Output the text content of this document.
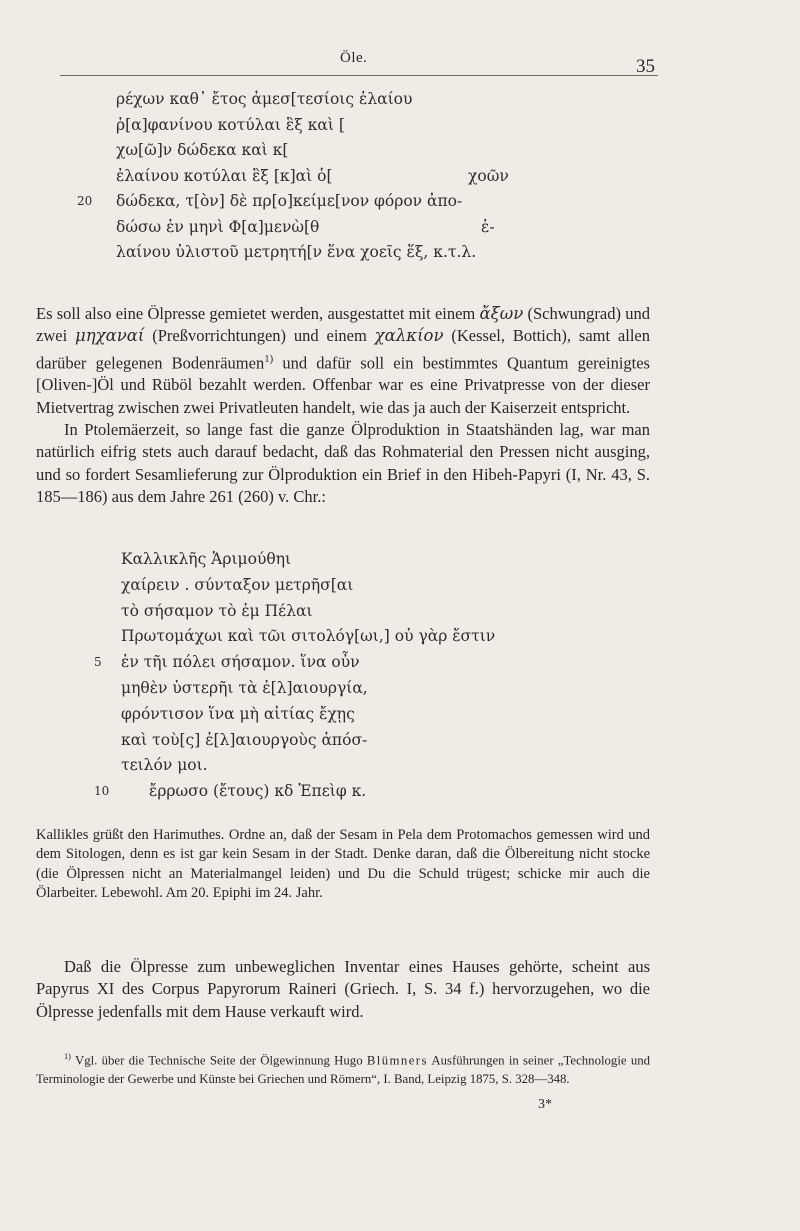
Öle.	35
ρέχων καθ᾽ ἔτος ἀμεσ[τεσίοις ἐλαίου
ῥ[α]φανίνου κοτύλαι ἓξ καὶ [
χω[ῶ]ν δώδεκα καὶ κ[
ἐλαίνου κοτύλαι ἓξ [κ]αὶ ὁ[	χοῶν
20 δώδεκα, τ[ὸν] δὲ πρ[ο]κείμε[νον φόρον ἀπο-
δώσω ἐν μηνὶ Φ[α]μενὼ[θ	ἐ-
λαίνου ὑλιστοῦ μετρητή[ν ἕνα χοεῖς ἕξ, κ.τ.λ.

Es soll also eine Ölpresse gemietet werden, ausgestattet mit einem ἄξων (Schwungrad) und zwei μηχαναί (Preßvorrichtungen) und einem χαλκίον (Kessel, Bottich), samt allen darüber gelegenen Bodenräumen$^{1)}$ und dafür soll ein bestimmtes Quantum gereinigtes [Oliven-]Öl und Rüböl bezahlt werden. Offenbar war es eine Privatpresse von der dieser Mietvertrag zwischen zwei Privatleuten handelt, wie das ja auch der Kaiserzeit entspricht.

In Ptolemäerzeit, so lange fast die ganze Ölproduktion in Staatshänden lag, war man natürlich eifrig stets auch darauf bedacht, daß das Rohmaterial den Pressen nicht ausging, und so fordert Sesamlieferung zur Ölproduktion ein Brief in den Hibeh-Papyri (I, Nr. 43, S. 185—186) aus dem Jahre 261 (260) v. Chr.:

Καλλικλῆς Ἁριμούθηι
χαίρειν . σύνταξον μετρῆσ[αι
τὸ σήσαμον τὸ ἐμ Πέλαι
Πρωτομάχωι καὶ τῶι σιτολόγ[ωι,] οὐ γὰρ ἔστιν
5 ἐν τῆι πόλει σήσαμον. ἵνα οὖν
μηθὲν ὑστερῆι τὰ ἐ[λ]αιουργία,
φρόντισον ἵνα μὴ αἰτίας ἔχῃς
καὶ τοὺ[ς] ἐ[λ]αιουργοὺς ἀπόσ-
τειλόν μοι.
10	ἔρρωσο (ἔτους) κδ Ἐπεὶφ κ.

Kallikles grüßt den Harimuthes. Ordne an, daß der Sesam in Pela dem Protomachos gemessen wird und dem Sitologen, denn es ist gar kein Sesam in der Stadt. Denke daran, daß die Ölbereitung nicht stocke (die Ölpressen nicht an Materialmangel leiden) und Du die Schuld trügest; schicke mir auch die Ölarbeiter. Lebewohl. Am 20. Epiphi im 24. Jahr.

Daß die Ölpresse zum unbeweglichen Inventar eines Hauses gehörte, scheint aus Papyrus XI des Corpus Papyrorum Raineri (Griech. I, S. 34 f.) hervorzugehen, wo die Ölpresse jedenfalls mit dem Hause verkauft wird.

$^{1)}$ Vgl. über die Technische Seite der Ölgewinnung Hugo Blümners Ausführungen in seiner „Technologie und Terminologie der Gewerbe und Künste bei Griechen und Römern“, I. Band, Leipzig 1875, S. 328—348.

3*
